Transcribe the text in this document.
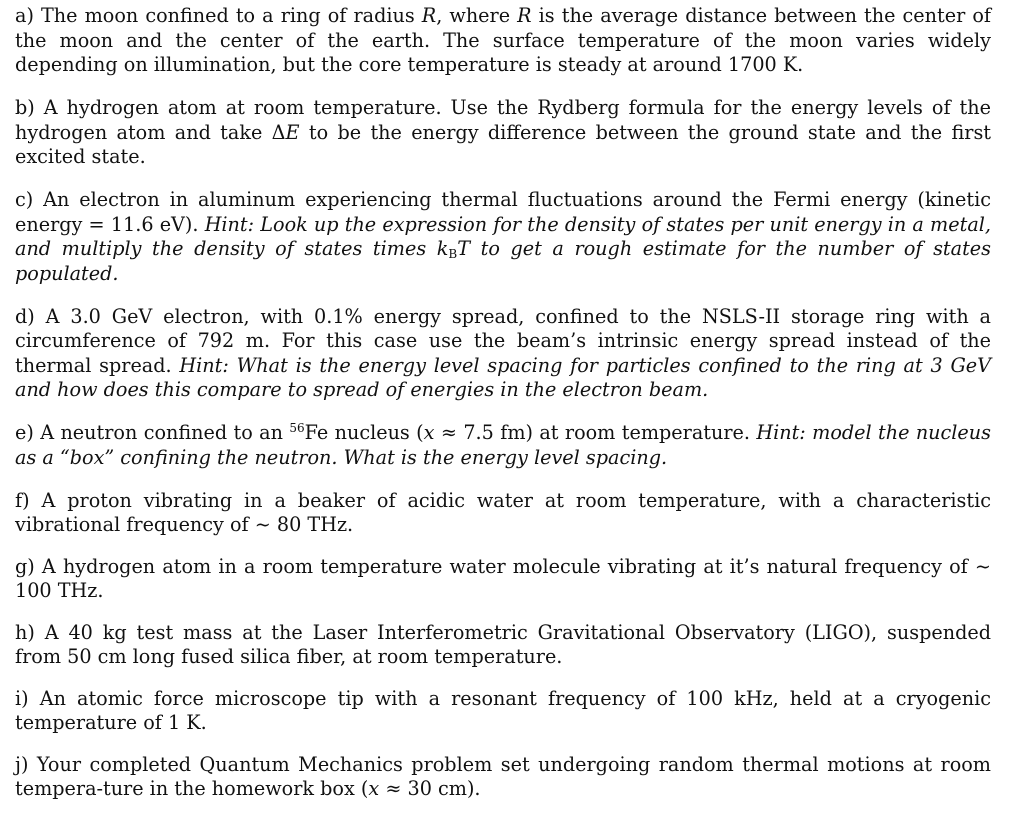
a) The moon confined to a ring of radius R, where R is the average distance between the center of the moon and the center of the earth. The surface temperature of the moon varies widely depending on illumination, but the core temperature is steady at around 1700 K.
b) A hydrogen atom at room temperature. Use the Rydberg formula for the energy levels of the hydrogen atom and take ΔE to be the energy difference between the ground state and the first excited state.
c) An electron in aluminum experiencing thermal fluctuations around the Fermi energy (kinetic energy = 11.6 eV). Hint: Look up the expression for the density of states per unit energy in a metal, and multiply the density of states times $k_BT$ to get a rough estimate for the number of states populated.
d) A 3.0 GeV electron, with 0.1% energy spread, confined to the NSLS-II storage ring with a circumference of 792 m. For this case use the beam’s intrinsic energy spread instead of the thermal spread. Hint: What is the energy level spacing for particles confined to the ring at 3 GeV and how does this compare to spread of energies in the electron beam.
e) A neutron confined to an $^{56}$Fe nucleus (x ≈ 7.5 fm) at room temperature. Hint: model the nucleus as a “box” confining the neutron. What is the energy level spacing.
f) A proton vibrating in a beaker of acidic water at room temperature, with a characteristic vibrational frequency of ∼ 80 THz.
g) A hydrogen atom in a room temperature water molecule vibrating at it’s natural frequency of ∼ 100 THz.
h) A 40 kg test mass at the Laser Interferometric Gravitational Observatory (LIGO), suspended from 50 cm long fused silica fiber, at room temperature.
i) An atomic force microscope tip with a resonant frequency of 100 kHz, held at a cryogenic temperature of 1 K.
j) Your completed Quantum Mechanics problem set undergoing random thermal motions at room tempera-ture in the homework box (x ≈ 30 cm).
